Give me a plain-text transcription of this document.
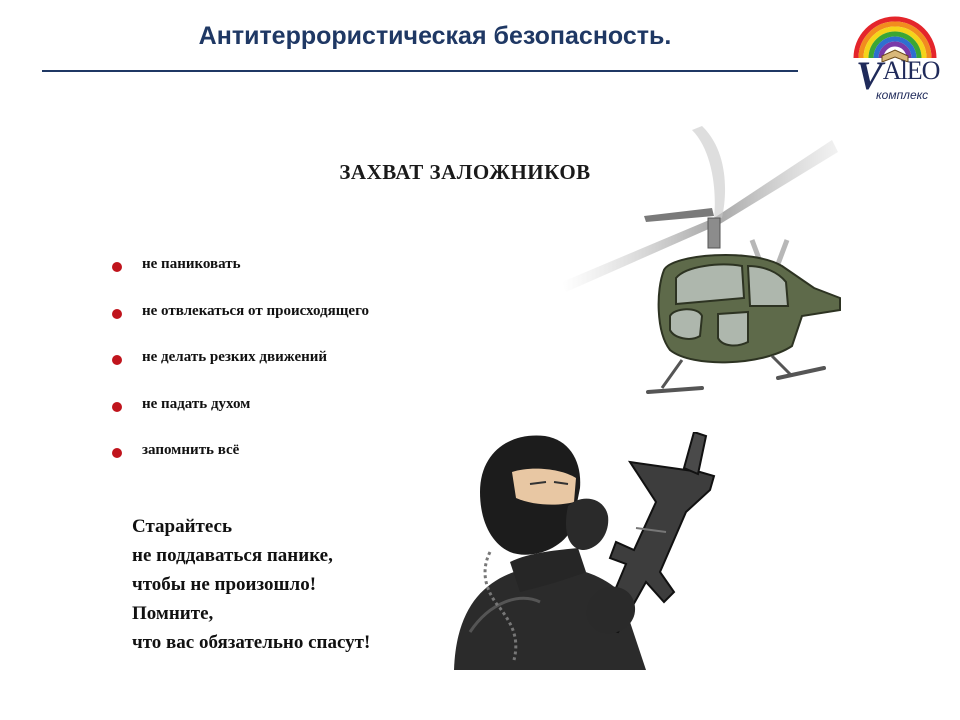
Антитеррористическая безопасность.
VAlEO
комплекс
ЗАХВАТ ЗАЛОЖНИКОВ
не паниковать
не отвлекаться от происходящего
не делать резких движений
не падать духом
запомнить всё
Старайтесь
не поддаваться панике,
чтобы не произошло!
Помните,
что вас обязательно спасут!
